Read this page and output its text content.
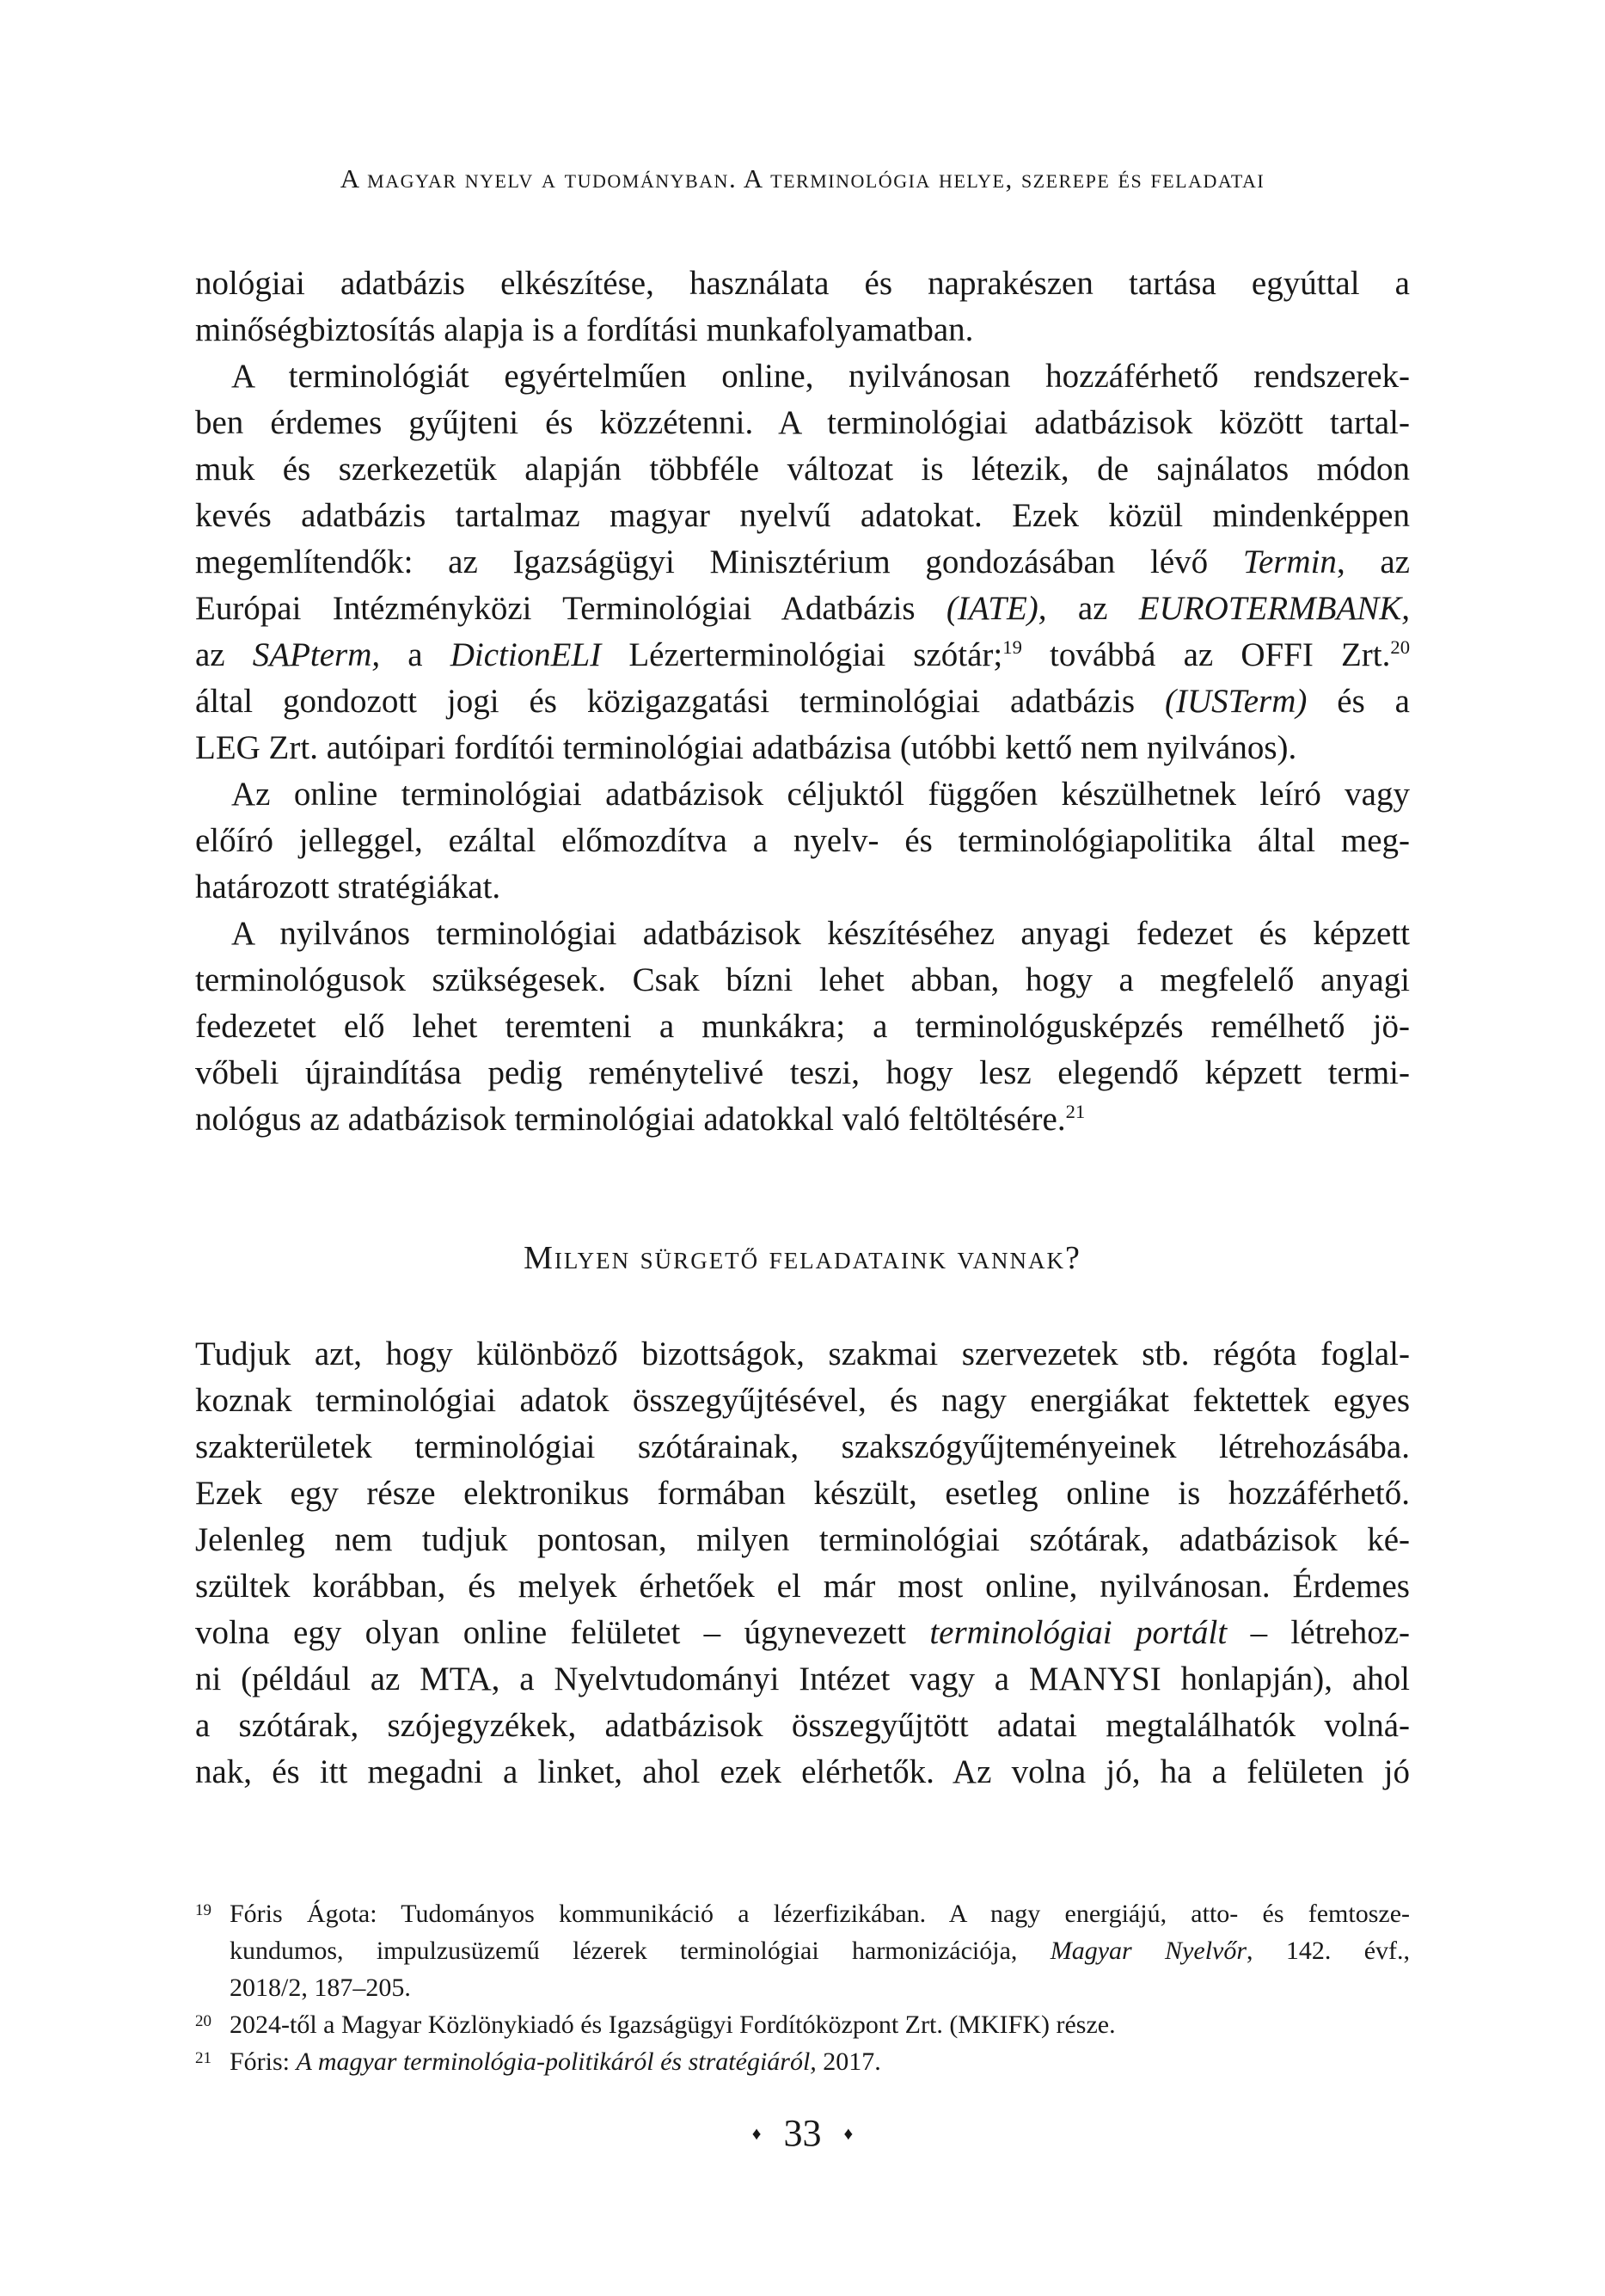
A magyar nyelv a tudományban. A terminológia helye, szerepe és feladatai
nológiai adatbázis elkészítése, használata és naprakészen tartása egyúttal a
minőségbiztosítás alapja is a fordítási munkafolyamatban.
A terminológiát egyértelműen online, nyilvánosan hozzáférhető rendszerek-
ben érdemes gyűjteni és közzétenni. A terminológiai adatbázisok között tartal-
muk és szerkezetük alapján többféle változat is létezik, de sajnálatos módon
kevés adatbázis tartalmaz magyar nyelvű adatokat. Ezek közül mindenképpen
megemlítendők: az Igazságügyi Minisztérium gondozásában lévő Termin, az
Európai Intézményközi Terminológiai Adatbázis (IATE), az EUROTERMBANK,
az SAPterm, a DictionELI Lézerterminológiai szótár;$^{19}$ továbbá az OFFI Zrt.$^{20}$
által gondozott jogi és közigazgatási terminológiai adatbázis (IUSTerm) és a
LEG Zrt. autóipari fordítói terminológiai adatbázisa (utóbbi kettő nem nyilvános).
Az online terminológiai adatbázisok céljuktól függően készülhetnek leíró vagy
előíró jelleggel, ezáltal előmozdítva a nyelv- és terminológiapolitika által meg-
határozott stratégiákat.
A nyilvános terminológiai adatbázisok készítéséhez anyagi fedezet és képzett
terminológusok szükségesek. Csak bízni lehet abban, hogy a megfelelő anyagi
fedezetet elő lehet teremteni a munkákra; a terminológusképzés remélhető jö-
vőbeli újraindítása pedig reménytelivé teszi, hogy lesz elegendő képzett termi-
nológus az adatbázisok terminológiai adatokkal való feltöltésére.$^{21}$
Milyen sürgető feladataink vannak?
Tudjuk azt, hogy különböző bizottságok, szakmai szervezetek stb. régóta foglal-
koznak terminológiai adatok összegyűjtésével, és nagy energiákat fektettek egyes
szakterületek terminológiai szótárainak, szakszógyűjteményeinek létrehozásába.
Ezek egy része elektronikus formában készült, esetleg online is hozzáférhető.
Jelenleg nem tudjuk pontosan, milyen terminológiai szótárak, adatbázisok ké-
szültek korábban, és melyek érhetőek el már most online, nyilvánosan. Érdemes
volna egy olyan online felületet – úgynevezett terminológiai portált – létrehoz-
ni (például az MTA, a Nyelvtudományi Intézet vagy a MANYSI honlapján), ahol
a szótárak, szójegyzékek, adatbázisok összegyűjtött adatai megtalálhatók volná-
nak, és itt megadni a linket, ahol ezek elérhetők. Az volna jó, ha a felületen jó
19 Fóris Ágota: Tudományos kommunikáció a lézerfizikában. A nagy energiájú, atto- és femtosze-
kundumos, impulzusüzemű lézerek terminológiai harmonizációja, Magyar Nyelvőr, 142. évf.,
2018/2, 187–205.
20 2024-től a Magyar Közlönykiadó és Igazságügyi Fordítóközpont Zrt. (MKIFK) része.
21 Fóris: A magyar terminológia-politikáról és stratégiáról, 2017.
♦ 33 ♦
